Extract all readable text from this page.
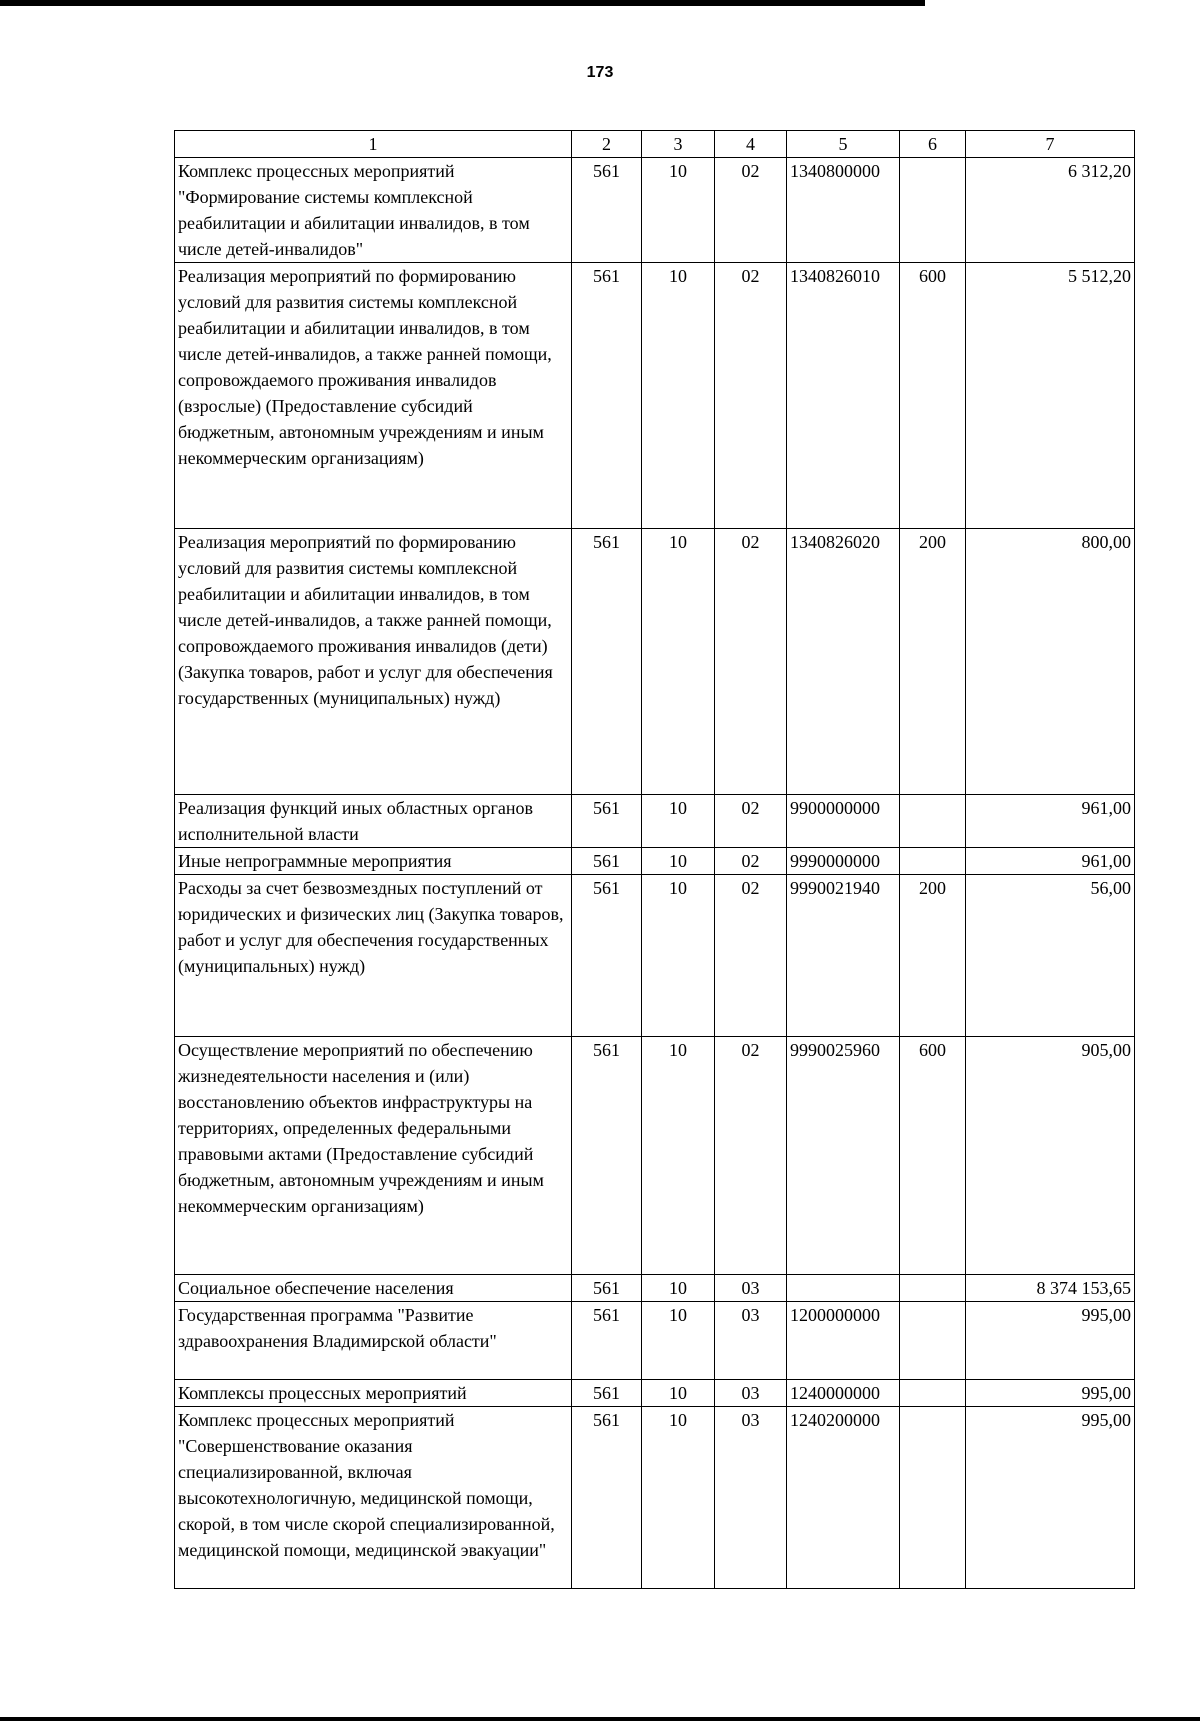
173
1	2	3	4	5	6	7
Комплекс процессных мероприятий "Формирование системы комплексной реабилитации и абилитации инвалидов, в том числе детей-инвалидов"	561	10	02	1340800000		6 312,20
Реализация мероприятий по формированию условий для развития системы комплексной реабилитации и абилитации инвалидов, в том числе детей-инвалидов, а также ранней помощи, сопровождаемого проживания инвалидов (взрослые) (Предоставление субсидий бюджетным, автономным учреждениям и иным некоммерческим организациям)	561	10	02	1340826010	600	5 512,20
Реализация мероприятий по формированию условий для развития системы комплексной реабилитации и абилитации инвалидов, в том числе детей-инвалидов, а также ранней помощи, сопровождаемого проживания инвалидов (дети) (Закупка товаров, работ и услуг для обеспечения государственных (муниципальных) нужд)	561	10	02	1340826020	200	800,00
Реализация функций иных областных органов исполнительной власти	561	10	02	9900000000		961,00
Иные непрограммные мероприятия	561	10	02	9990000000		961,00
Расходы за счет безвозмездных поступлений от юридических и физических лиц (Закупка товаров, работ и услуг для обеспечения государственных (муниципальных) нужд)	561	10	02	9990021940	200	56,00
Осуществление мероприятий по обеспечению жизнедеятельности населения и (или) восстановлению объектов инфраструктуры на территориях, определенных федеральными правовыми актами (Предоставление субсидий бюджетным, автономным учреждениям и иным некоммерческим организациям)	561	10	02	9990025960	600	905,00
Социальное обеспечение населения	561	10	03			8 374 153,65
Государственная программа "Развитие здравоохранения Владимирской области"	561	10	03	1200000000		995,00
Комплексы процессных мероприятий	561	10	03	1240000000		995,00
Комплекс процессных мероприятий "Совершенствование оказания специализированной, включая высокотехнологичную, медицинской помощи, скорой, в том числе скорой специализированной, медицинской помощи, медицинской эвакуации"	561	10	03	1240200000		995,00
